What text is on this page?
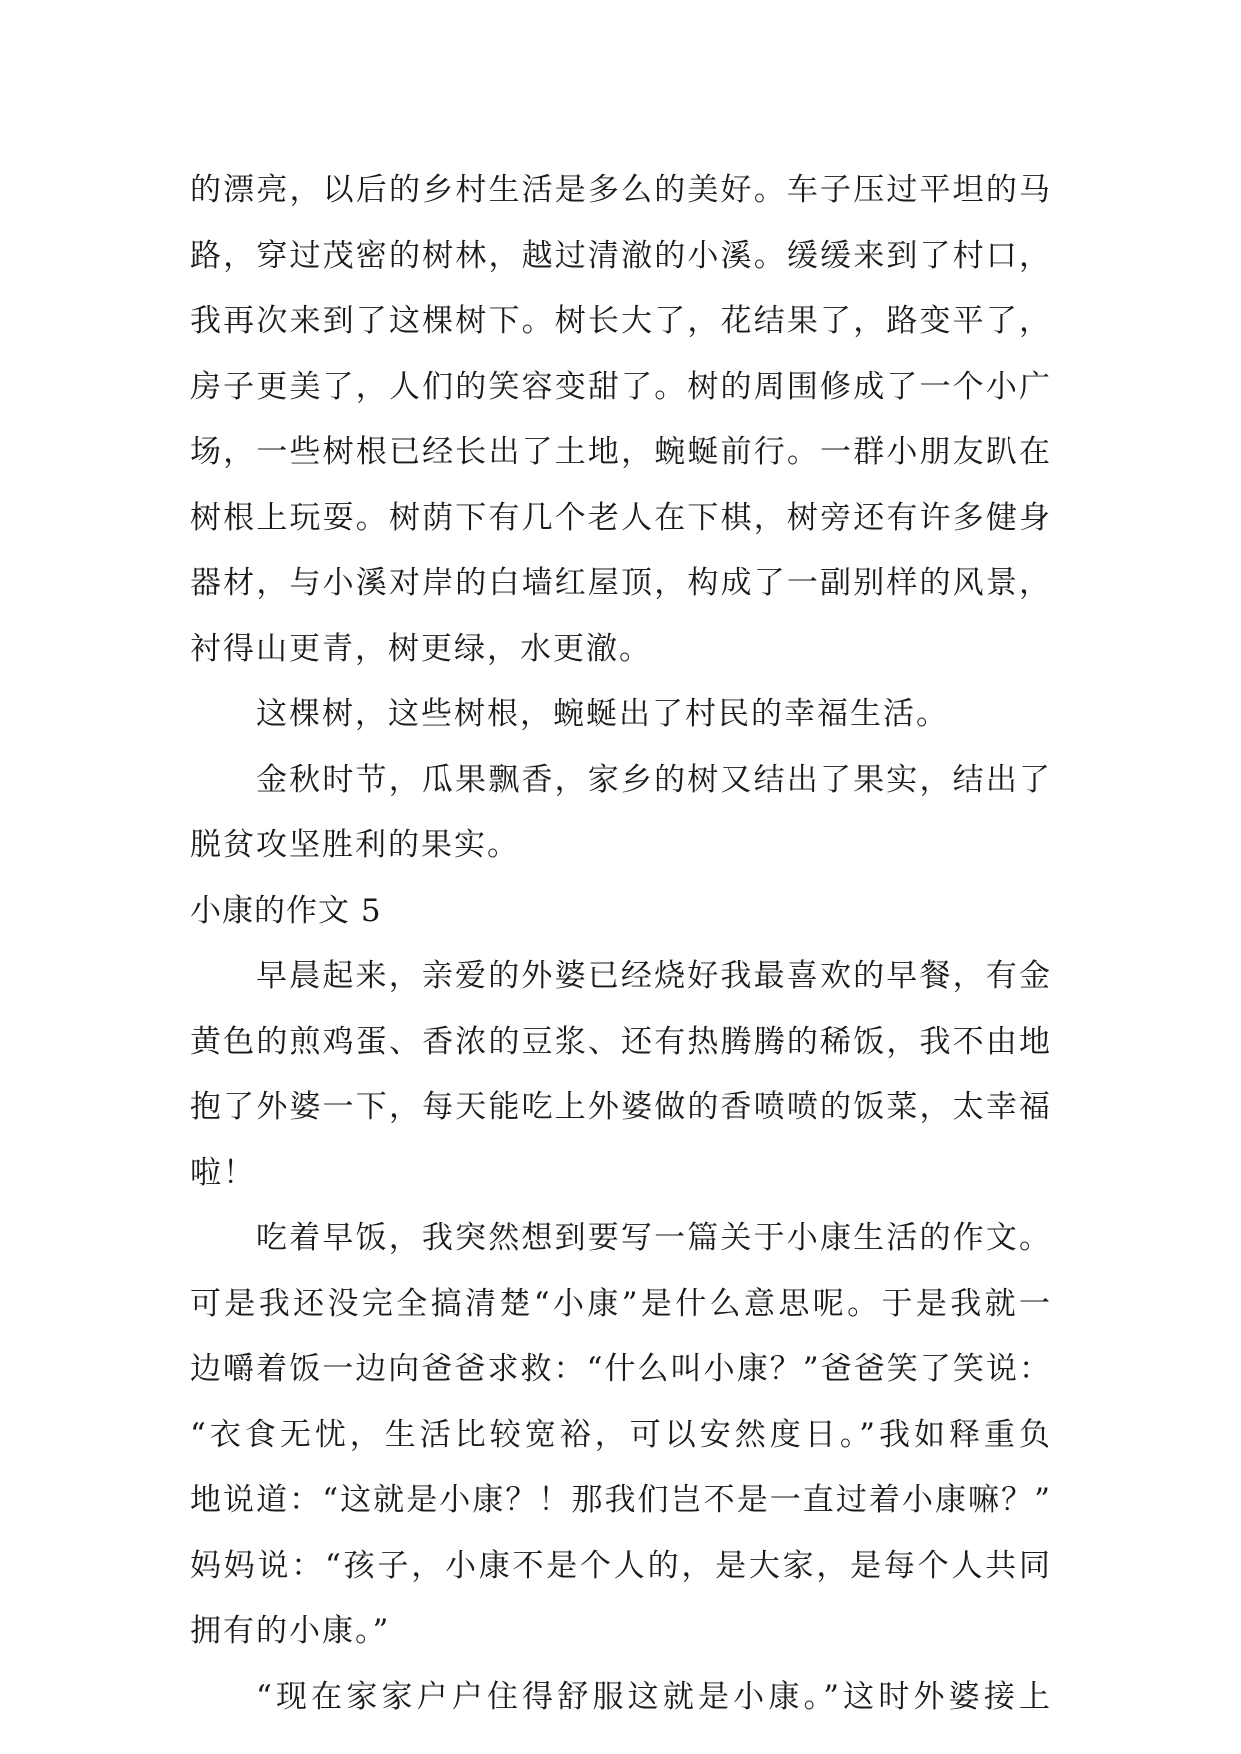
的漂亮，以后的乡村生活是多么的美好。车子压过平坦的马
路，穿过茂密的树林，越过清澈的小溪。缓缓来到了村口，
我再次来到了这棵树下。树长大了，花结果了，路变平了，
房子更美了，人们的笑容变甜了。树的周围修成了一个小广
场，一些树根已经长出了土地，蜿蜒前行。一群小朋友趴在
树根上玩耍。树荫下有几个老人在下棋，树旁还有许多健身
器材，与小溪对岸的白墙红屋顶，构成了一副别样的风景，
衬得山更青，树更绿，水更澈。
这棵树，这些树根，蜿蜒出了村民的幸福生活。
金秋时节，瓜果飘香，家乡的树又结出了果实，结出了
脱贫攻坚胜利的果实。
小康的作文 5
早晨起来，亲爱的外婆已经烧好我最喜欢的早餐，有金
黄色的煎鸡蛋、香浓的豆浆、还有热腾腾的稀饭，我不由地
抱了外婆一下，每天能吃上外婆做的香喷喷的饭菜，太幸福
啦！
吃着早饭，我突然想到要写一篇关于小康生活的作文。
可是我还没完全搞清楚“小康”是什么意思呢。于是我就一
边嚼着饭一边向爸爸求救：“什么叫小康？”爸爸笑了笑说：
“衣食无忧，生活比较宽裕，可以安然度日。”我如释重负
地说道：“这就是小康？！那我们岂不是一直过着小康嘛？”
妈妈说：“孩子，小康不是个人的，是大家，是每个人共同
拥有的小康。”
“现在家家户户住得舒服这就是小康。”这时外婆接上
